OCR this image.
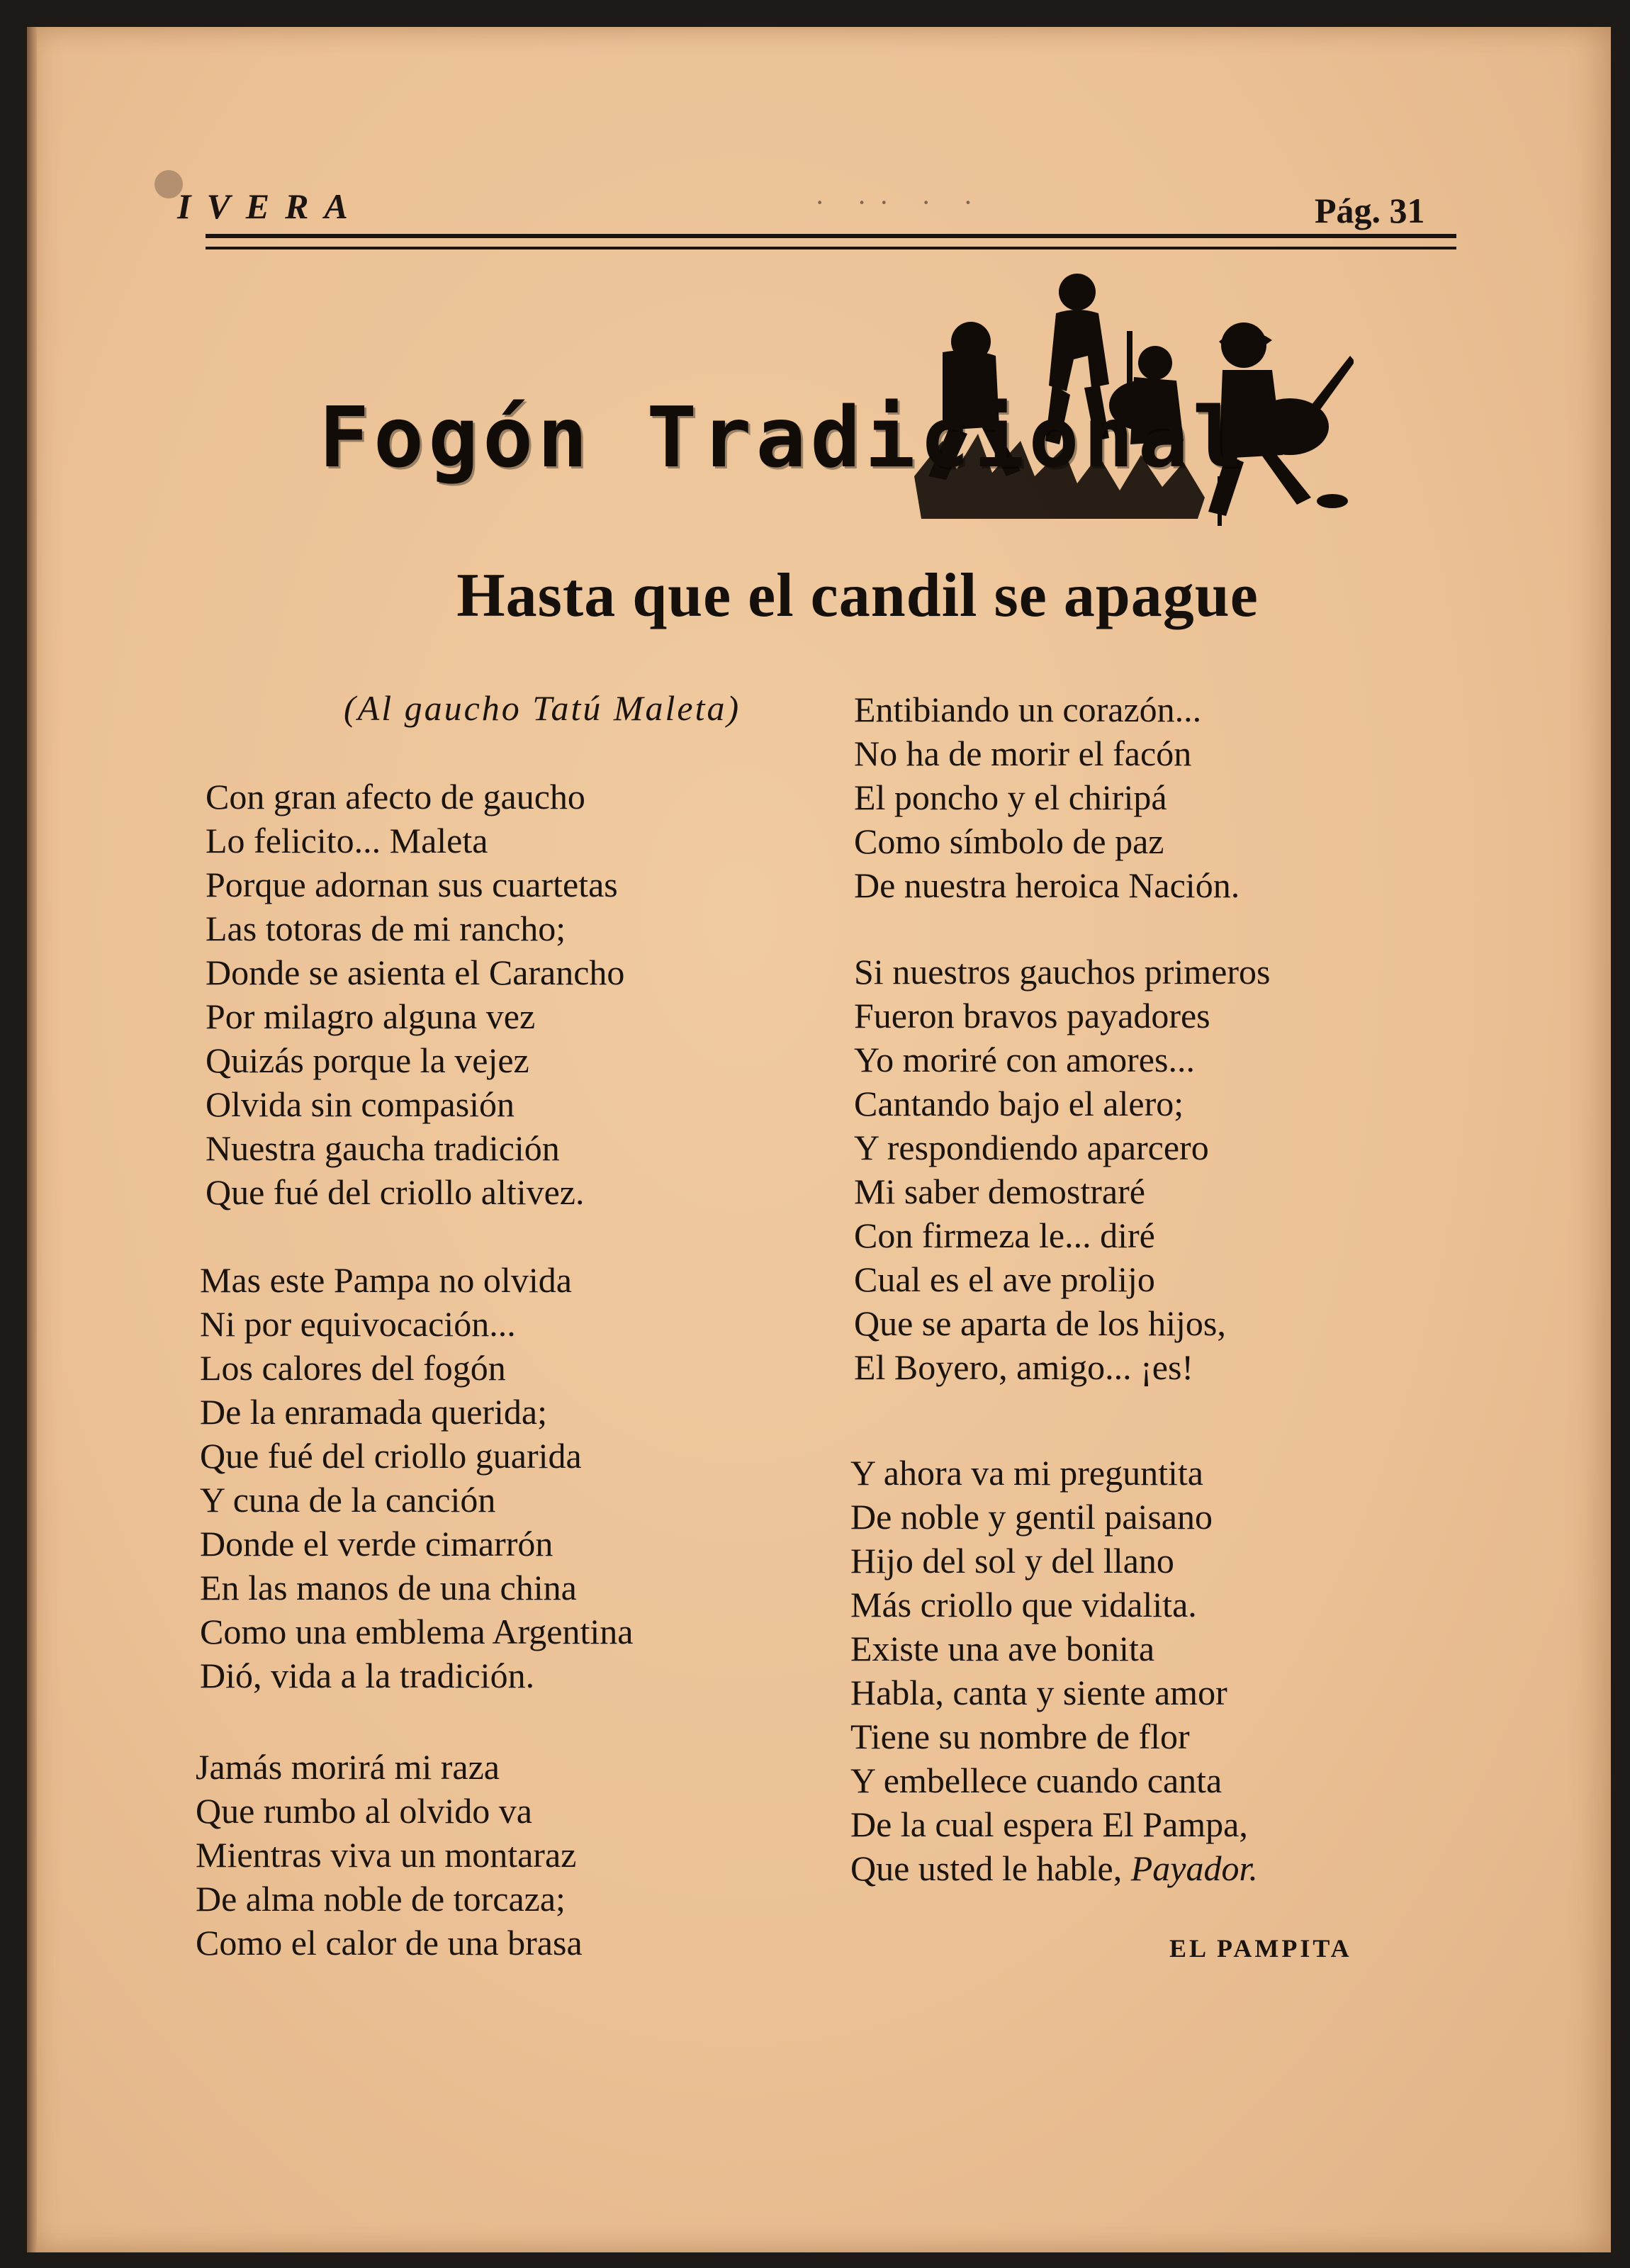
IVERA	· ·· · ·	Pág. 31
Fogón Tradicional
Hasta que el candil se apague
(Al gaucho Tatú Maleta)
Con gran afecto de gaucho
Lo felicito... Maleta
Porque adornan sus cuartetas
Las totoras de mi rancho;
Donde se asienta el Carancho
Por milagro alguna vez
Quizás porque la vejez
Olvida sin compasión
Nuestra gaucha tradición
Que fué del criollo altivez.
Mas este Pampa no olvida
Ni por equivocación...
Los calores del fogón
De la enramada querida;
Que fué del criollo guarida
Y cuna de la canción
Donde el verde cimarrón
En las manos de una china
Como una emblema Argentina
Dió, vida a la tradición.
Jamás morirá mi raza
Que rumbo al olvido va
Mientras viva un montaraz
De alma noble de torcaza;
Como el calor de una brasa
Entibiando un corazón...
No ha de morir el facón
El poncho y el chiripá
Como símbolo de paz
De nuestra heroica Nación.
Si nuestros gauchos primeros
Fueron bravos payadores
Yo moriré con amores...
Cantando bajo el alero;
Y respondiendo aparcero
Mi saber demostraré
Con firmeza le... diré
Cual es el ave prolijo
Que se aparta de los hijos,
El Boyero, amigo... ¡es!
Y ahora va mi preguntita
De noble y gentil paisano
Hijo del sol y del llano
Más criollo que vidalita.
Existe una ave bonita
Habla, canta y siente amor
Tiene su nombre de flor
Y embellece cuando canta
De la cual espera El Pampa,
Que usted le hable, Payador.
EL PAMPITA
